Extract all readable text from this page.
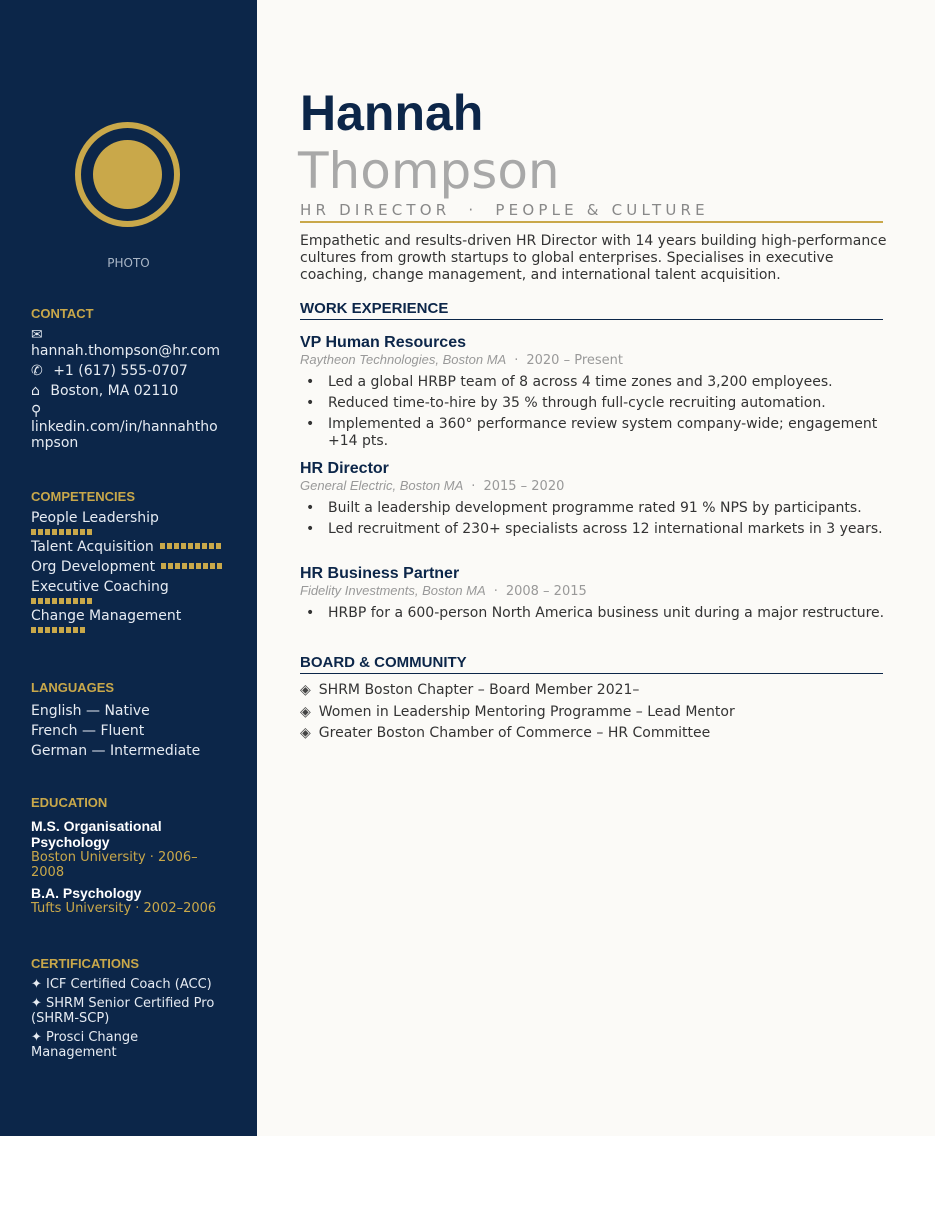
PHOTO
CONTACT
✉
hannah.thompson@hr.com
✆ +1 (617) 555-0707
⌂ Boston, MA 02110
⚲
linkedin.com/in/hannahthompson
COMPETENCIES
People Leadership
Talent Acquisition
Org Development
Executive Coaching
Change Management
LANGUAGES
English — Native
French — Fluent
German — Intermediate
EDUCATION
M.S. Organisational Psychology
Boston University · 2006–2008
B.A. Psychology
Tufts University · 2002–2006
CERTIFICATIONS
✦ ICF Certified Coach (ACC)
✦ SHRM Senior Certified Pro (SHRM-SCP)
✦ Prosci Change Management
Hannah
Thompson
HR DIRECTOR · PEOPLE & CULTURE

Empathetic and results-driven HR Director with 14 years building high-performance cultures from growth startups to global enterprises. Specialises in executive coaching, change management, and international talent acquisition.

WORK EXPERIENCE
VP Human Resources
Raytheon Technologies, Boston MA · 2020 – Present
• Led a global HRBP team of 8 across 4 time zones and 3,200 employees.
• Reduced time-to-hire by 35 % through full-cycle recruiting automation.
• Implemented a 360° performance review system company-wide; engagement +14 pts.
HR Director
General Electric, Boston MA · 2015 – 2020
• Built a leadership development programme rated 91 % NPS by participants.
• Led recruitment of 230+ specialists across 12 international markets in 3 years.
HR Business Partner
Fidelity Investments, Boston MA · 2008 – 2015
• HRBP for a 600-person North America business unit during a major restructure.
BOARD & COMMUNITY
◈ SHRM Boston Chapter – Board Member 2021–
◈ Women in Leadership Mentoring Programme – Lead Mentor
◈ Greater Boston Chamber of Commerce – HR Committee
